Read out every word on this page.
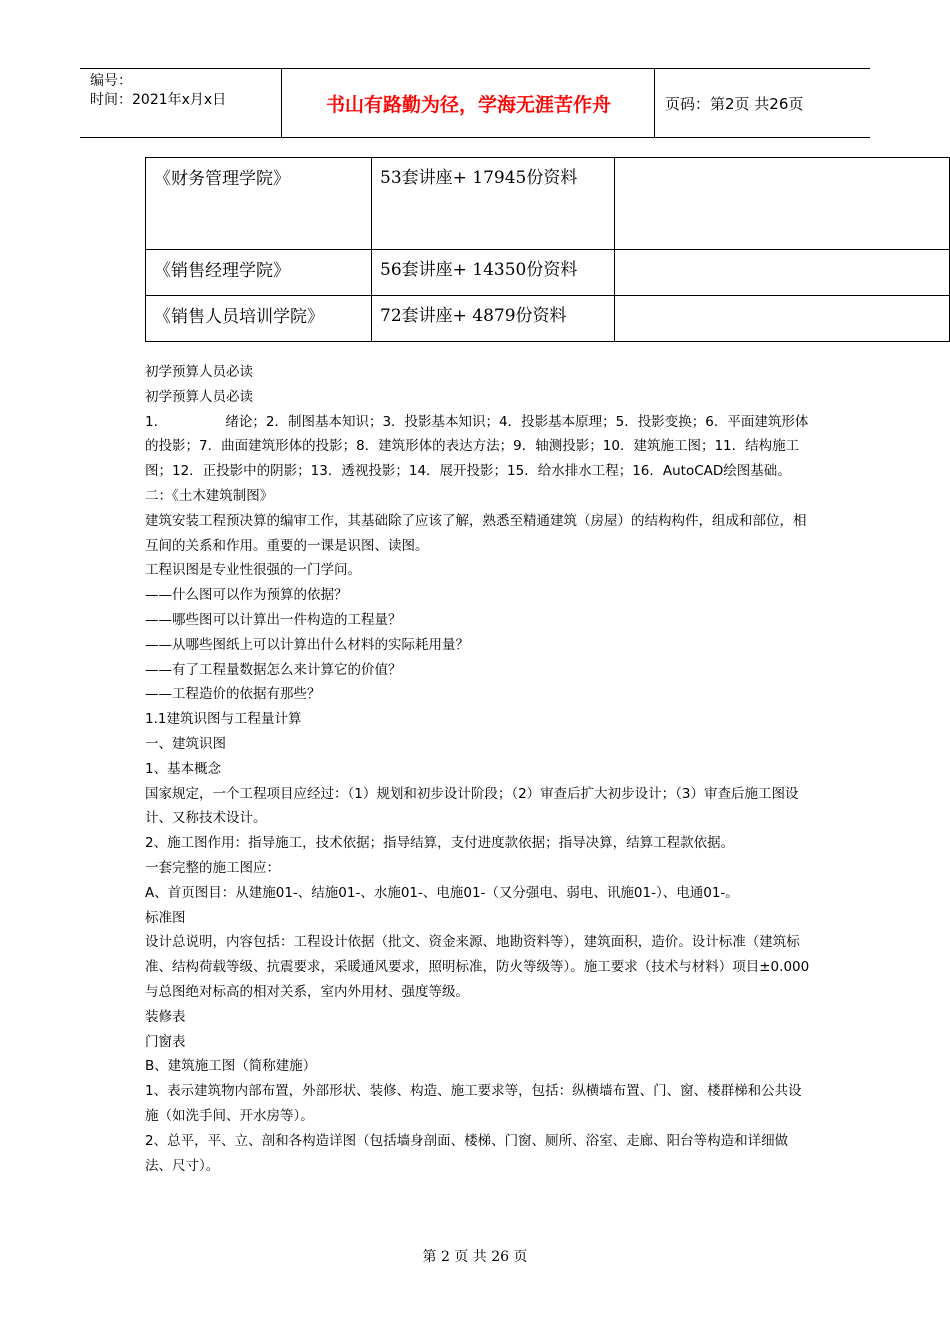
编号：
时间：2021年x月x日	书山有路勤为径，学海无涯苦作舟	页码：第2页 共26页
《财务管理学院》	53套讲座+ 17945份资料	
《销售经理学院》	56套讲座+ 14350份资料	
《销售人员培训学院》	72套讲座+ 4879份资料	

初学预算人员必读

初学预算人员必读

1.　　　　　绪论；2．制图基本知识；3．投影基本知识；4．投影基本原理；5．投影变换；6．平面建筑形体的投影；7．曲面建筑形体的投影；8．建筑形体的表达方法；9．轴测投影；10．建筑施工图；11．结构施工图；12．正投影中的阴影；13．透视投影；14．展开投影；15．给水排水工程；16．AutoCAD绘图基础。

二：《土木建筑制图》

建筑安装工程预决算的编审工作，其基础除了应该了解，熟悉至精通建筑（房屋）的结构构件，组成和部位，相互间的关系和作用。重要的一课是识图、读图。

工程识图是专业性很强的一门学问。

——什么图可以作为预算的依据？

——哪些图可以计算出一件构造的工程量？

——从哪些图纸上可以计算出什么材料的实际耗用量？

——有了工程量数据怎么来计算它的价值？

——工程造价的依据有那些？

1.1建筑识图与工程量计算

一、建筑识图

1、基本概念

国家规定，一个工程项目应经过：（1）规划和初步设计阶段；（2）审查后扩大初步设计；（3）审查后施工图设计、又称技术设计。

2、施工图作用：指导施工，技术依据；指导结算，支付进度款依据；指导决算，结算工程款依据。

一套完整的施工图应：

A、首页图目：从建施01-、结施01-、水施01-、电施01-（又分强电、弱电、讯施01-）、电通01-。

标准图

设计总说明，内容包括：工程设计依据（批文、资金来源、地勘资料等），建筑面积，造价。设计标准（建筑标准、结构荷载等级、抗震要求，采暖通风要求，照明标准，防火等级等）。施工要求（技术与材料）项目±0.000与总图绝对标高的相对关系，室内外用材、强度等级。

装修表

门窗表

B、建筑施工图（简称建施）

1、表示建筑物内部布置，外部形状、装修、构造、施工要求等，包括：纵横墙布置、门、窗、楼群梯和公共设施（如洗手间、开水房等）。

2、总平，平、立、剖和各构造详图（包括墙身剖面、楼梯、门窗、厕所、浴室、走廊、阳台等构造和详细做法、尺寸）。

第 2 页 共 26 页
